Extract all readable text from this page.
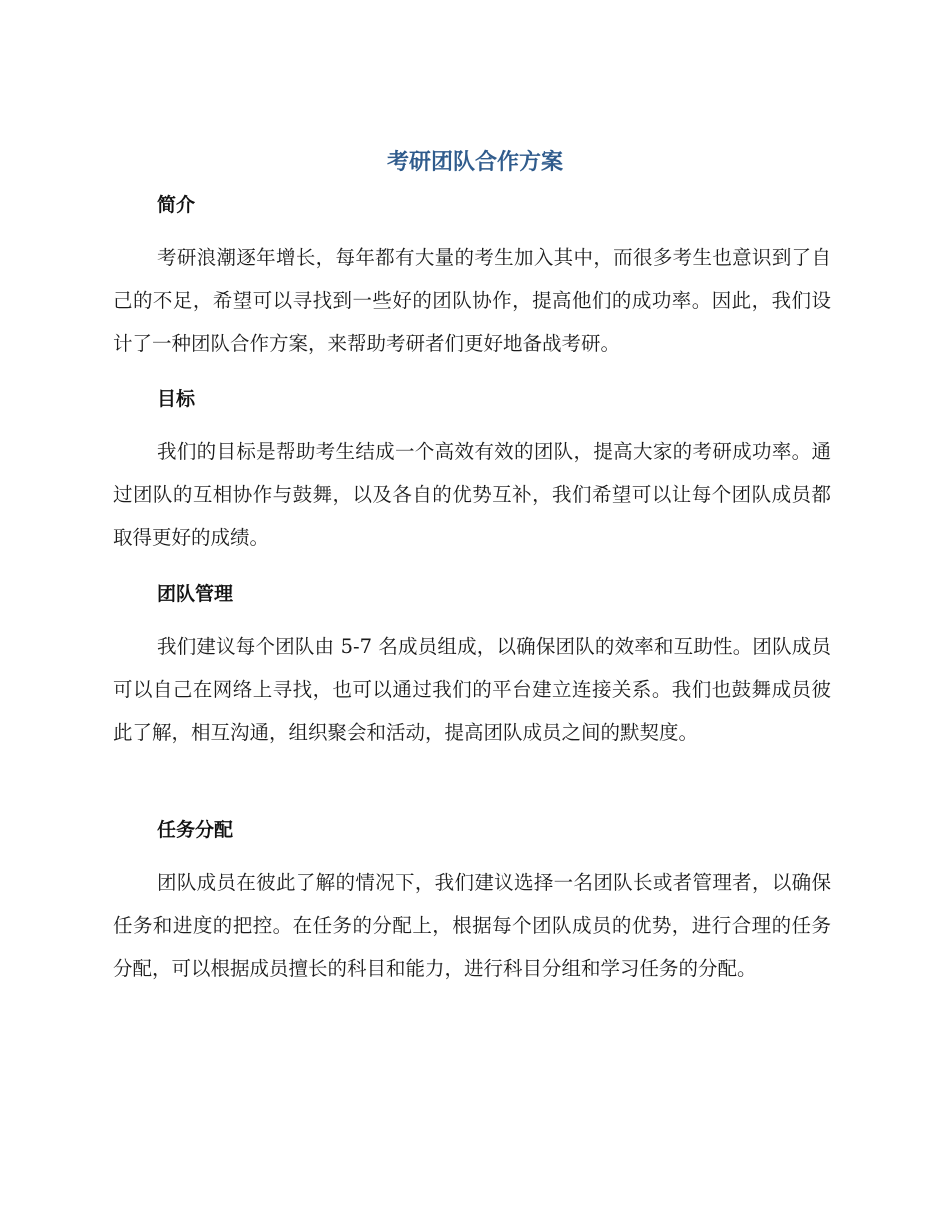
考研团队合作方案
简介

考研浪潮逐年增长，每年都有大量的考生加入其中，而很多考生也意识到了自己的不足，希望可以寻找到一些好的团队协作，提高他们的成功率。因此，我们设计了一种团队合作方案，来帮助考研者们更好地备战考研。

目标

我们的目标是帮助考生结成一个高效有效的团队，提高大家的考研成功率。通过团队的互相协作与鼓舞，以及各自的优势互补，我们希望可以让每个团队成员都取得更好的成绩。

团队管理

我们建议每个团队由 5-7 名成员组成，以确保团队的效率和互助性。团队成员可以自己在网络上寻找，也可以通过我们的平台建立连接关系。我们也鼓舞成员彼此了解，相互沟通，组织聚会和活动，提高团队成员之间的默契度。

任务分配

团队成员在彼此了解的情况下，我们建议选择一名团队长或者管理者，以确保任务和进度的把控。在任务的分配上，根据每个团队成员的优势，进行合理的任务分配，可以根据成员擅长的科目和能力，进行科目分组和学习任务的分配。
